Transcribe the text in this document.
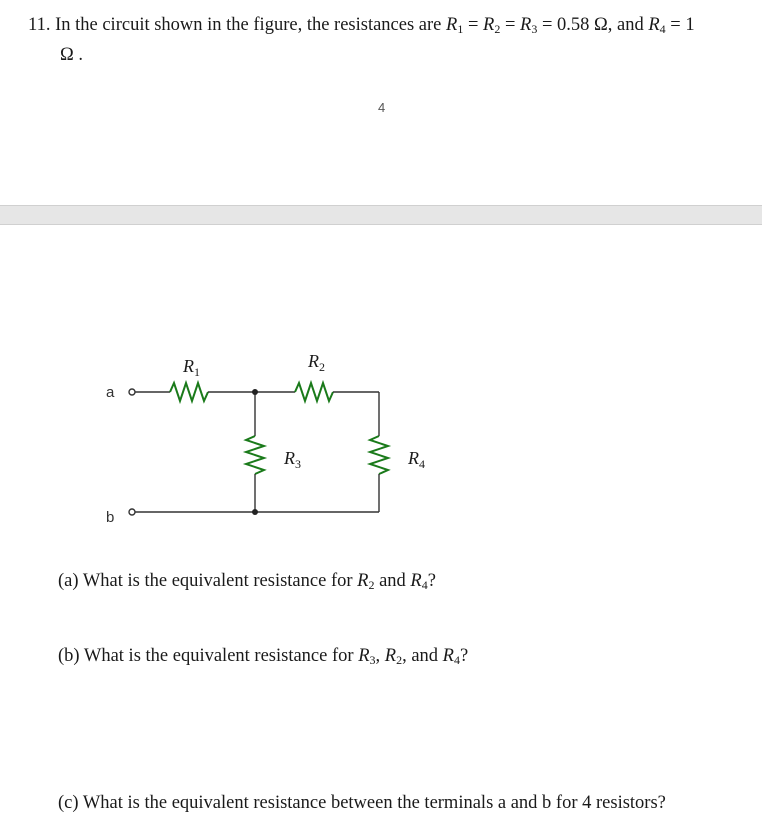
11. In the circuit shown in the figure, the resistances are $R_1 = R_2 = R_3 = 0.58$ Ω, and $R_4 = 1$
Ω .

4
a
b
$R_1$
$R_2$
$R_3$	$R_4$

(a) What is the equivalent resistance for $R_2$ and $R_4$?

(b) What is the equivalent resistance for $R_3$, $R_2$, and $R_4$?

(c) What is the equivalent resistance between the terminals a and b for 4 resistors?
